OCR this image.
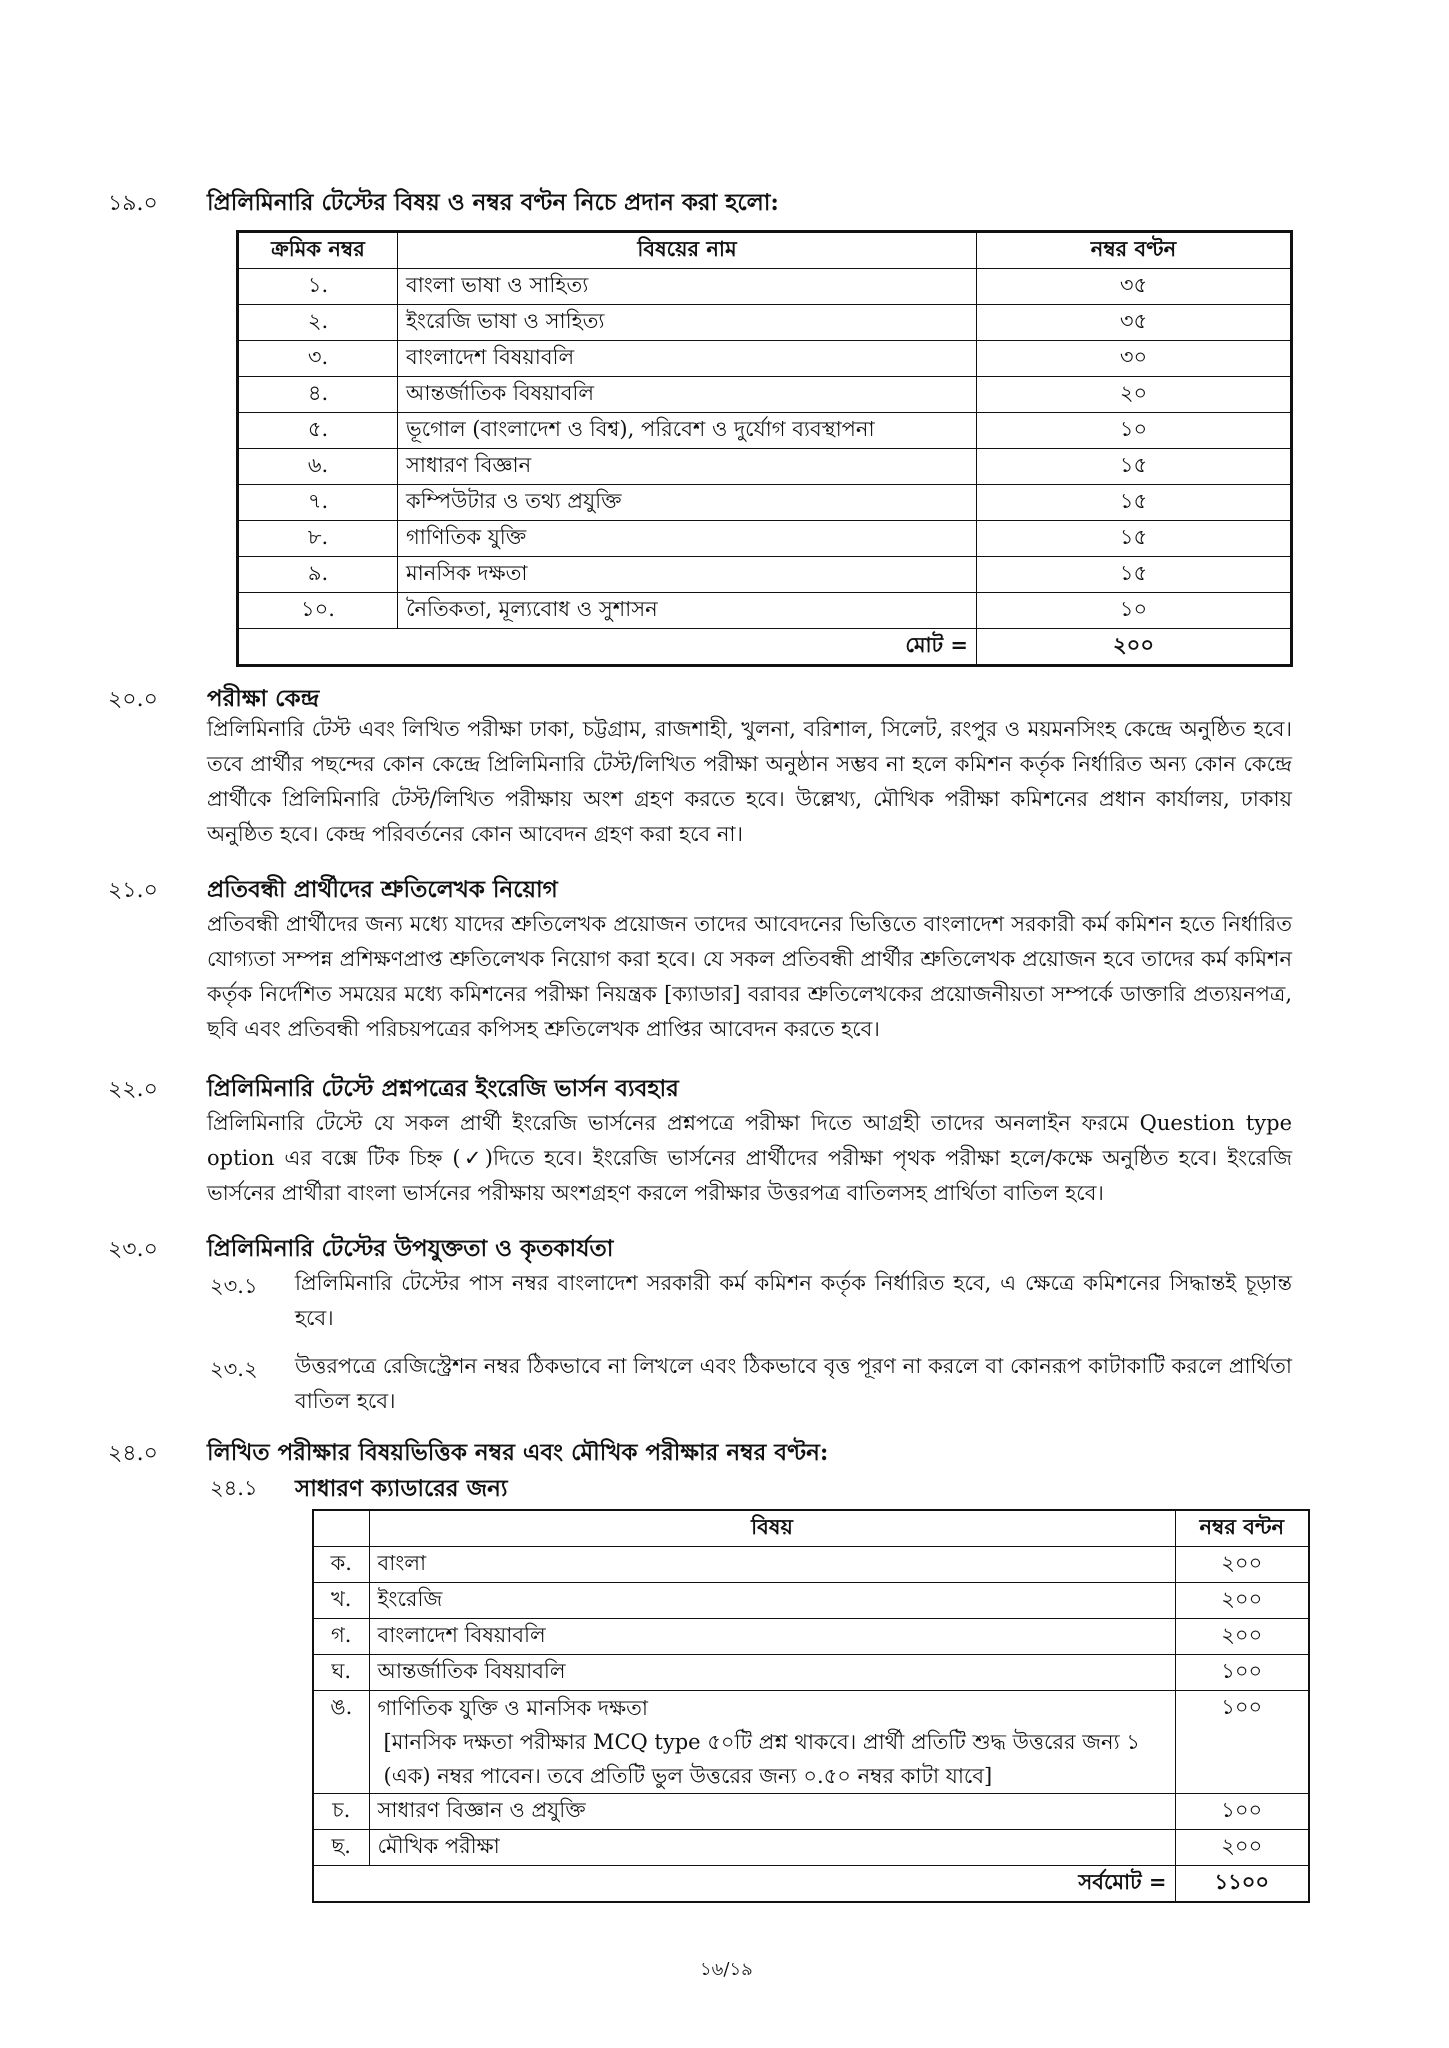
১৯.০ প্রিলিমিনারি টেস্টের বিষয় ও নম্বর বণ্টন নিচে প্রদান করা হলো:
ক্রমিক নম্বর	বিষয়ের নাম	নম্বর বণ্টন
১.	বাংলা ভাষা ও সাহিত্য	৩৫
২.	ইংরেজি ভাষা ও সাহিত্য	৩৫
৩.	বাংলাদেশ বিষয়াবলি	৩০
৪.	আন্তর্জাতিক বিষয়াবলি	২০
৫.	ভূগোল (বাংলাদেশ ও বিশ্ব), পরিবেশ ও দুর্যোগ ব্যবস্থাপনা	১০
৬.	সাধারণ বিজ্ঞান	১৫
৭.	কম্পিউটার ও তথ্য প্রযুক্তি	১৫
৮.	গাণিতিক যুক্তি	১৫
৯.	মানসিক দক্ষতা	১৫
১০.	নৈতিকতা, মূল্যবোধ ও সুশাসন	১০
মোট =		২০০
২০.০ পরীক্ষা কেন্দ্র
প্রিলিমিনারি টেস্ট এবং লিখিত পরীক্ষা ঢাকা, চট্টগ্রাম, রাজশাহী, খুলনা, বরিশাল, সিলেট, রংপুর ও ময়মনসিংহ কেন্দ্রে অনুষ্ঠিত হবে। তবে প্রার্থীর পছন্দের কোন কেন্দ্রে প্রিলিমিনারি টেস্ট/লিখিত পরীক্ষা অনুষ্ঠান সম্ভব না হলে কমিশন কর্তৃক নির্ধারিত অন্য কোন কেন্দ্রে প্রার্থীকে প্রিলিমিনারি টেস্ট/লিখিত পরীক্ষায় অংশ গ্রহণ করতে হবে। উল্লেখ্য, মৌখিক পরীক্ষা কমিশনের প্রধান কার্যালয়, ঢাকায় অনুষ্ঠিত হবে। কেন্দ্র পরিবর্তনের কোন আবেদন গ্রহণ করা হবে না।
২১.০ প্রতিবন্ধী প্রার্থীদের শ্রুতিলেখক নিয়োগ
প্রতিবন্ধী প্রার্থীদের জন্য মধ্যে যাদের শ্রুতিলেখক প্রয়োজন তাদের আবেদনের ভিত্তিতে বাংলাদেশ সরকারী কর্ম কমিশন হতে নির্ধারিত যোগ্যতা সম্পন্ন প্রশিক্ষণপ্রাপ্ত শ্রুতিলেখক নিয়োগ করা হবে। যে সকল প্রতিবন্ধী প্রার্থীর শ্রুতিলেখক প্রয়োজন হবে তাদের কর্ম কমিশন কর্তৃক নির্দেশিত সময়ের মধ্যে কমিশনের পরীক্ষা নিয়ন্ত্রক [ক্যাডার] বরাবর শ্রুতিলেখকের প্রয়োজনীয়তা সম্পর্কে ডাক্তারি প্রত্যয়নপত্র, ছবি এবং প্রতিবন্ধী পরিচয়পত্রের কপিসহ শ্রুতিলেখক প্রাপ্তির আবেদন করতে হবে।
২২.০ প্রিলিমিনারি টেস্টে প্রশ্নপত্রের ইংরেজি ভার্সন ব্যবহার
প্রিলিমিনারি টেস্টে যে সকল প্রার্থী ইংরেজি ভার্সনের প্রশ্নপত্রে পরীক্ষা দিতে আগ্রহী তাদের অনলাইন ফরমে Question type option এর বক্সে টিক চিহ্ন (✓)দিতে হবে। ইংরেজি ভার্সনের প্রার্থীদের পরীক্ষা পৃথক পরীক্ষা হলে/কক্ষে অনুষ্ঠিত হবে। ইংরেজি ভার্সনের প্রার্থীরা বাংলা ভার্সনের পরীক্ষায় অংশগ্রহণ করলে পরীক্ষার উত্তরপত্র বাতিলসহ প্রার্থিতা বাতিল হবে।
২৩.০ প্রিলিমিনারি টেস্টের উপযুক্ততা ও কৃতকার্যতা
২৩.১ প্রিলিমিনারি টেস্টের পাস নম্বর বাংলাদেশ সরকারী কর্ম কমিশন কর্তৃক নির্ধারিত হবে, এ ক্ষেত্রে কমিশনের সিদ্ধান্তই চূড়ান্ত হবে।
২৩.২ উত্তরপত্রে রেজিস্ট্রেশন নম্বর ঠিকভাবে না লিখলে এবং ঠিকভাবে বৃত্ত পূরণ না করলে বা কোনরূপ কাটাকাটি করলে প্রার্থিতা বাতিল হবে।
২৪.০ লিখিত পরীক্ষার বিষয়ভিত্তিক নম্বর এবং মৌখিক পরীক্ষার নম্বর বণ্টন:
২৪.১ সাধারণ ক্যাডারের জন্য
	বিষয়	নম্বর বন্টন
ক.	বাংলা	২০০
খ.	ইংরেজি	২০০
গ.	বাংলাদেশ বিষয়াবলি	২০০
ঘ.	আন্তর্জাতিক বিষয়াবলি	১০০
ঙ.	গাণিতিক যুক্তি ও মানসিক দক্ষতা
[মানসিক দক্ষতা পরীক্ষার MCQ type ৫০টি প্রশ্ন থাকবে। প্রার্থী প্রতিটি শুদ্ধ উত্তরের জন্য ১ (এক) নম্বর পাবেন। তবে প্রতিটি ভুল উত্তরের জন্য ০.৫০ নম্বর কাটা যাবে]	১০০
চ.	সাধারণ বিজ্ঞান ও প্রযুক্তি	১০০
ছ.	মৌখিক পরীক্ষা	২০০
সর্বমোট =		১১০০
১৬/১৯
